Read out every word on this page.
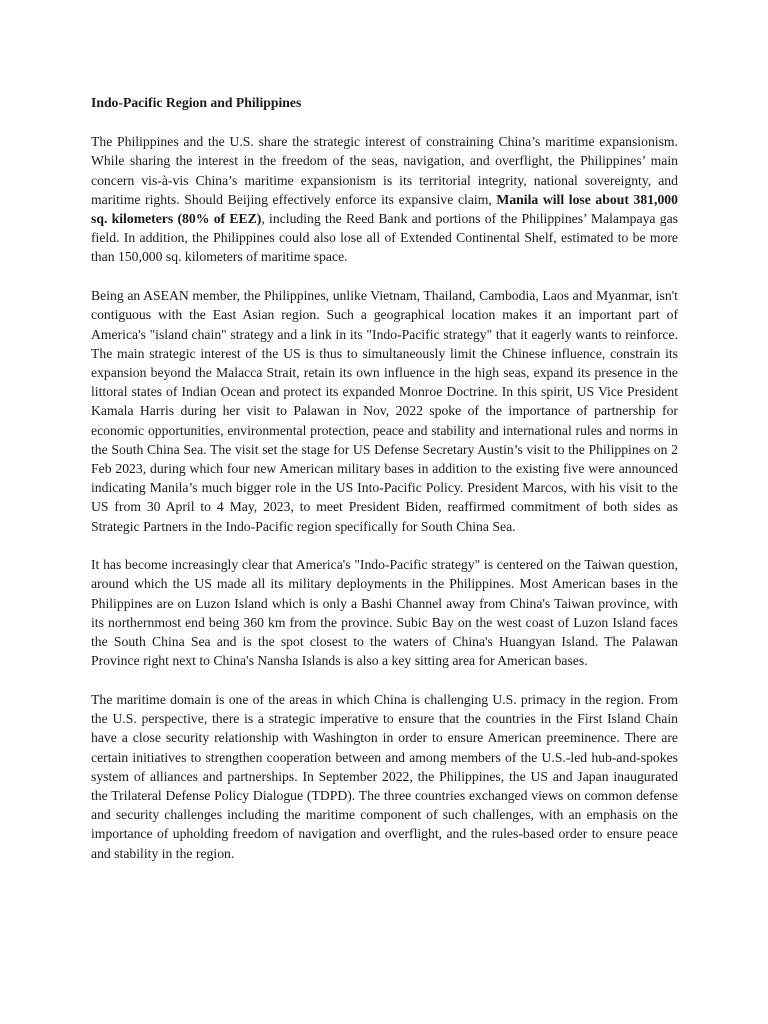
Indo-Pacific Region and Philippines

The Philippines and the U.S. share the strategic interest of constraining China’s maritime expansionism. While sharing the interest in the freedom of the seas, navigation, and overflight, the Philippines’ main concern vis-à-vis China’s maritime expansionism is its territorial integrity, national sovereignty, and maritime rights. Should Beijing effectively enforce its expansive claim, Manila will lose about 381,000 sq. kilometers (80% of EEZ), including the Reed Bank and portions of the Philippines’ Malampaya gas field. In addition, the Philippines could also lose all of Extended Continental Shelf, estimated to be more than 150,000 sq. kilometers of maritime space.

Being an ASEAN member, the Philippines, unlike Vietnam, Thailand, Cambodia, Laos and Myanmar, isn't contiguous with the East Asian region. Such a geographical location makes it an important part of America's "island chain" strategy and a link in its "Indo-Pacific strategy" that it eagerly wants to reinforce. The main strategic interest of the US is thus to simultaneously limit the Chinese influence, constrain its expansion beyond the Malacca Strait, retain its own influence in the high seas, expand its presence in the littoral states of Indian Ocean and protect its expanded Monroe Doctrine. In this spirit, US Vice President Kamala Harris during her visit to Palawan in Nov, 2022 spoke of the importance of partnership for economic opportunities, environmental protection, peace and stability and international rules and norms in the South China Sea. The visit set the stage for US Defense Secretary Austin’s visit to the Philippines on 2 Feb 2023, during which four new American military bases in addition to the existing five were announced indicating Manila’s much bigger role in the US Into-Pacific Policy. President Marcos, with his visit to the US from 30 April to 4 May, 2023, to meet President Biden, reaffirmed commitment of both sides as Strategic Partners in the Indo-Pacific region specifically for South China Sea.

It has become increasingly clear that America's "Indo-Pacific strategy" is centered on the Taiwan question, around which the US made all its military deployments in the Philippines. Most American bases in the Philippines are on Luzon Island which is only a Bashi Channel away from China's Taiwan province, with its northernmost end being 360 km from the province. Subic Bay on the west coast of Luzon Island faces the South China Sea and is the spot closest to the waters of China's Huangyan Island. The Palawan Province right next to China's Nansha Islands is also a key sitting area for American bases.

The maritime domain is one of the areas in which China is challenging U.S. primacy in the region. From the U.S. perspective, there is a strategic imperative to ensure that the countries in the First Island Chain have a close security relationship with Washington in order to ensure American preeminence. There are certain initiatives to strengthen cooperation between and among members of the U.S.-led hub-and-spokes system of alliances and partnerships. In September 2022, the Philippines, the US and Japan inaugurated the Trilateral Defense Policy Dialogue (TDPD). The three countries exchanged views on common defense and security challenges including the maritime component of such challenges, with an emphasis on the importance of upholding freedom of navigation and overflight, and the rules-based order to ensure peace and stability in the region.
